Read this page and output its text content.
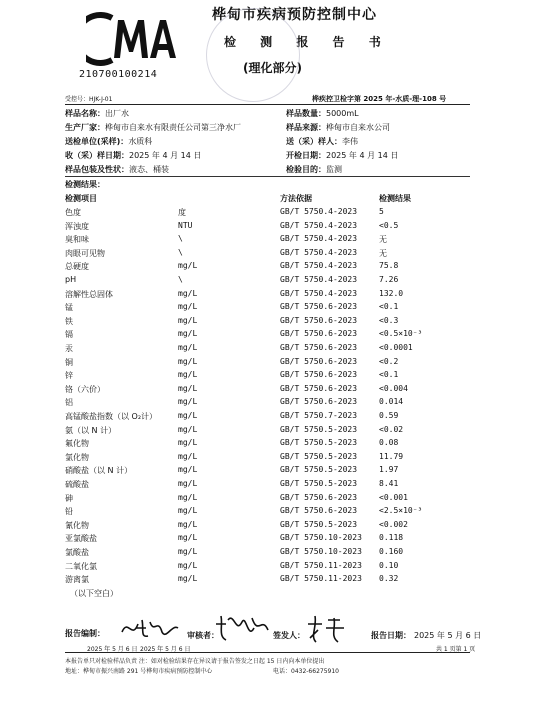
210700100214
桦甸市疾病预防控制中心
检 测 报 告 书
(理化部分)
受控号：HJK-J-01	桦疾控卫检字第 2025 年-水质-理-108 号
样品名称：出厂水	样品数量：5000mL
生产厂家：桦甸市自来水有限责任公司第三净水厂	样品来源：桦甸市自来水公司
送检单位(采样)：水质科	送（采）样人：李伟
收（采）样日期：2025 年 4 月 14 日	开检日期：2025 年 4 月 14 日
样品包装及性状：液态、桶装	检验目的：监测
检测结果：
检测项目	方法依据	检测结果
色度	度	GB/T 5750.4-2023	5
浑浊度	NTU	GB/T 5750.4-2023	<0.5
臭和味	\	GB/T 5750.4-2023	无
肉眼可见物	\	GB/T 5750.4-2023	无
总硬度	mg/L	GB/T 5750.4-2023	75.8
pH	\	GB/T 5750.4-2023	7.26
溶解性总固体	mg/L	GB/T 5750.4-2023	132.0
锰	mg/L	GB/T 5750.6-2023	<0.1
铁	mg/L	GB/T 5750.6-2023	<0.3
镉	mg/L	GB/T 5750.6-2023	<0.5×10⁻³
汞	mg/L	GB/T 5750.6-2023	<0.0001
铜	mg/L	GB/T 5750.6-2023	<0.2
锌	mg/L	GB/T 5750.6-2023	<0.1
铬（六价）	mg/L	GB/T 5750.6-2023	<0.004
铝	mg/L	GB/T 5750.6-2023	0.014
高锰酸盐指数（以 O₂计）	mg/L	GB/T 5750.7-2023	0.59
氨（以 N 计）	mg/L	GB/T 5750.5-2023	<0.02
氟化物	mg/L	GB/T 5750.5-2023	0.08
氯化物	mg/L	GB/T 5750.5-2023	11.79
硝酸盐（以 N 计）	mg/L	GB/T 5750.5-2023	1.97
硫酸盐	mg/L	GB/T 5750.5-2023	8.41
砷	mg/L	GB/T 5750.6-2023	<0.001
铅	mg/L	GB/T 5750.6-2023	<2.5×10⁻³
氰化物	mg/L	GB/T 5750.5-2023	<0.002
亚氯酸盐	mg/L	GB/T 5750.10-2023 0.118
氯酸盐	mg/L	GB/T 5750.10-2023 0.160
二氧化氯	mg/L	GB/T 5750.11-2023 0.10
游离氯	mg/L	GB/T 5750.11-2023 0.32
（以下空白）
报告编制：	审核者：	签发人：	报告日期： 2025 年 5 月 6 日
2025 年 5 月 6 日 2025 年 5 月 6 日	共 1 页第 1 页
本报告单只对检验样品负责 注：如对检验结果存在异议请于报告签发之日起 15 日内向本单位提出
地址：桦甸市振兴南路 291 号桦甸市疾病预防控制中心	电话：0432-66275910
